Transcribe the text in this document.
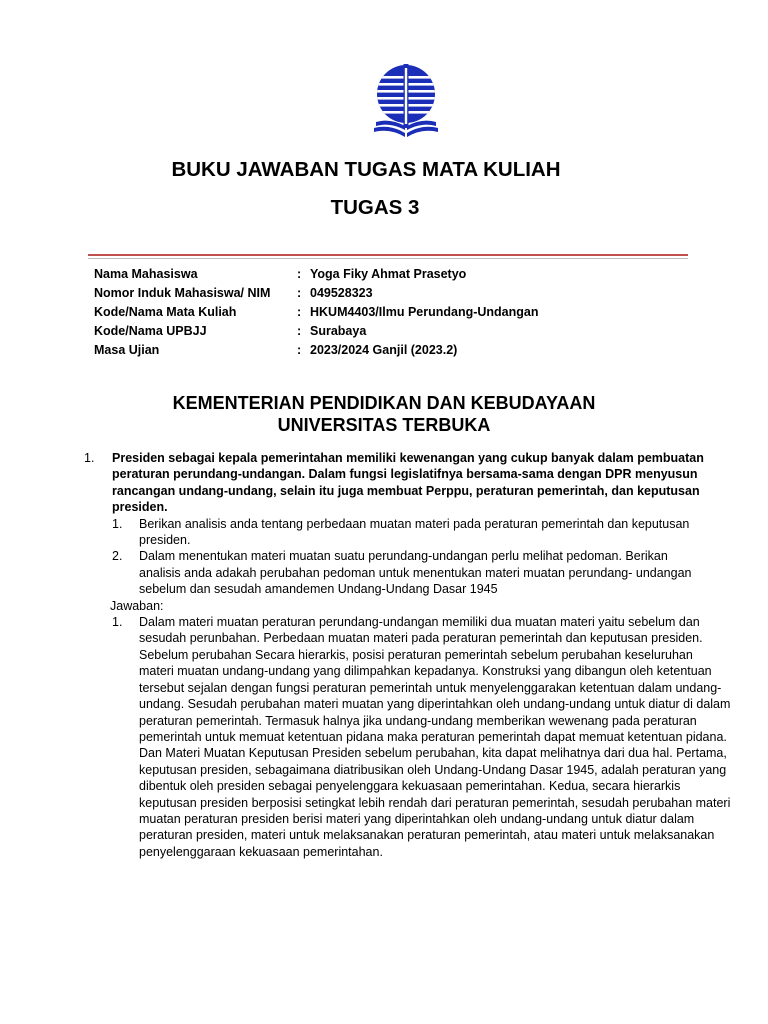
BUKU JAWABAN TUGAS MATA KULIAH
TUGAS 3
Nama Mahasiswa	: Yoga Fiky Ahmat Prasetyo
Nomor Induk Mahasiswa/ NIM : 049528323
Kode/Nama Mata Kuliah	: HKUM4403/Ilmu Perundang-Undangan
Kode/Nama UPBJJ	: Surabaya
Masa Ujian	: 2023/2024 Ganjil (2023.2)
KEMENTERIAN PENDIDIKAN DAN KEBUDAYAAN
UNIVERSITAS TERBUKA
1. Presiden sebagai kepala pemerintahan memiliki kewenangan yang cukup banyak dalam pembuatan peraturan perundang-undangan. Dalam fungsi legislatifnya bersama-sama dengan DPR menyusun rancangan undang-undang, selain itu juga membuat Perppu, peraturan pemerintah, dan keputusan presiden.
1. Berikan analisis anda tentang perbedaan muatan materi pada peraturan pemerintah dan keputusan presiden.
2. Dalam menentukan materi muatan suatu perundang-undangan perlu melihat pedoman. Berikan analisis anda adakah perubahan pedoman untuk menentukan materi muatan perundang- undangan sebelum dan sesudah amandemen Undang-Undang Dasar 1945
Jawaban:
1. Dalam materi muatan peraturan perundang-undangan memiliki dua muatan materi yaitu sebelum dan sesudah perunbahan. Perbedaan muatan materi pada peraturan pemerintah dan keputusan presiden. Sebelum perubahan Secara hierarkis, posisi peraturan pemerintah sebelum perubahan keseluruhan materi muatan undang-undang yang dilimpahkan kepadanya. Konstruksi yang dibangun oleh ketentuan tersebut sejalan dengan fungsi peraturan pemerintah untuk menyelenggarakan ketentuan dalam undang-undang. Sesudah perubahan materi muatan yang diperintahkan oleh undang-undang untuk diatur di dalam peraturan pemerintah. Termasuk halnya jika undang-undang memberikan wewenang pada peraturan pemerintah untuk memuat ketentuan pidana maka peraturan pemerintah dapat memuat ketentuan pidana. Dan Materi Muatan Keputusan Presiden sebelum perubahan, kita dapat melihatnya dari dua hal. Pertama, keputusan presiden, sebagaimana diatribusikan oleh Undang-Undang Dasar 1945, adalah peraturan yang dibentuk oleh presiden sebagai penyelenggara kekuasaan pemerintahan. Kedua, secara hierarkis keputusan presiden berposisi setingkat lebih rendah dari peraturan pemerintah, sesudah perubahan materi muatan peraturan presiden berisi materi yang diperintahkan oleh undang-undang untuk diatur dalam peraturan presiden, materi untuk melaksanakan peraturan pemerintah, atau materi untuk melaksanakan penyelenggaraan kekuasaan pemerintahan.
